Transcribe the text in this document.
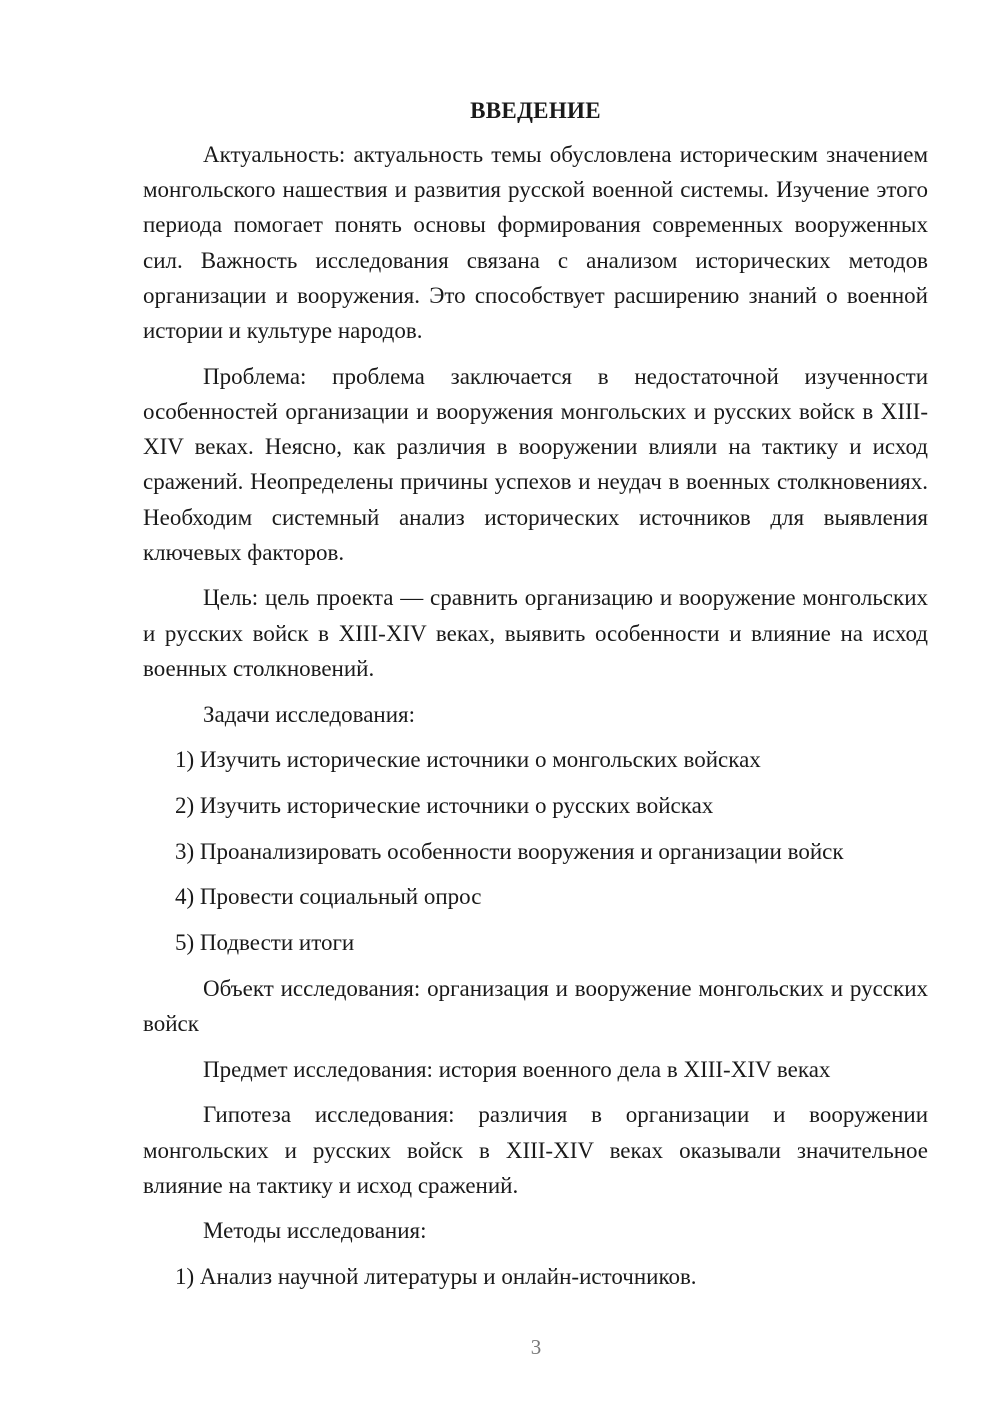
ВВЕДЕНИЕ

Актуальность: актуальность темы обусловлена историческим значением монгольского нашествия и развития русской военной системы. Изучение этого периода помогает понять основы формирования современных вооруженных сил. Важность исследования связана с анализом исторических методов организации и вооружения. Это способствует расширению знаний о военной истории и культуре народов.

Проблема: проблема заключается в недостаточной изученности особенностей организации и вооружения монгольских и русских войск в XIII-XIV веках. Неясно, как различия в вооружении влияли на тактику и исход сражений. Неопределены причины успехов и неудач в военных столкновениях. Необходим системный анализ исторических источников для выявления ключевых факторов.

Цель: цель проекта — сравнить организацию и вооружение монгольских и русских войск в XIII-XIV веках, выявить особенности и влияние на исход военных столкновений.

Задачи исследования:

1) Изучить исторические источники о монгольских войсках

2) Изучить исторические источники о русских войсках

3) Проанализировать особенности вооружения и организации войск

4) Провести социальный опрос

5) Подвести итоги

Объект исследования: организация и вооружение монгольских и русских войск

Предмет исследования: история военного дела в XIII-XIV веках

Гипотеза исследования: различия в организации и вооружении монгольских и русских войск в XIII-XIV веках оказывали значительное влияние на тактику и исход сражений.

Методы исследования:

1) Анализ научной литературы и онлайн-источников.

3
